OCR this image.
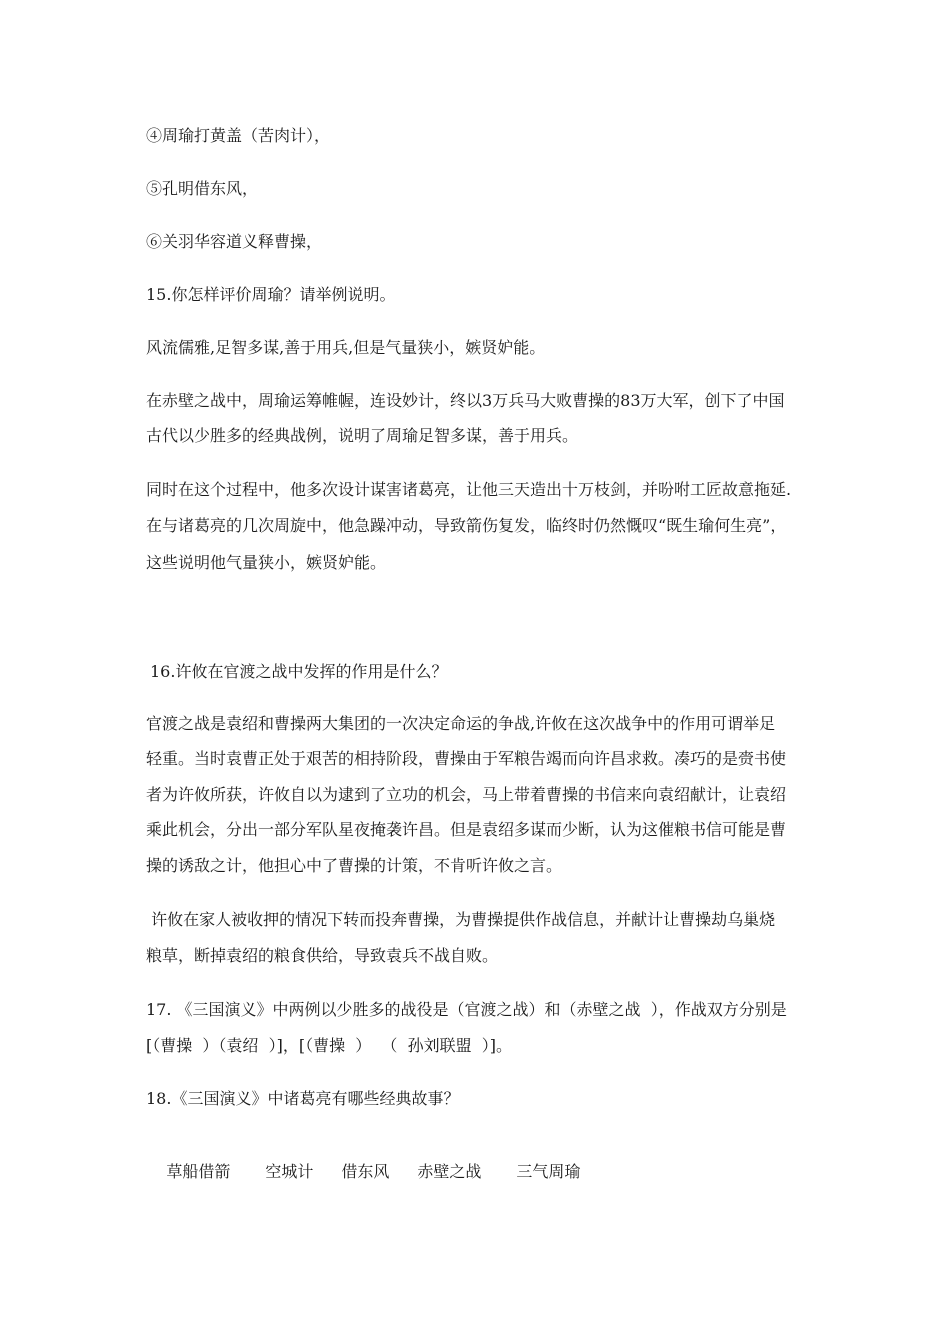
④周瑜打黄盖（苦肉计），
⑤孔明借东风，
⑥关羽华容道义释曹操，
15.你怎样评价周瑜？请举例说明。
风流儒雅,足智多谋,善于用兵,但是气量狭小，嫉贤妒能。
在赤壁之战中，周瑜运筹帷幄，连设妙计，终以3万兵马大败曹操的83万大军，创下了中国
古代以少胜多的经典战例，说明了周瑜足智多谋，善于用兵。
同时在这个过程中，他多次设计谋害诸葛亮，让他三天造出十万枝剑，并吩咐工匠故意拖延.
在与诸葛亮的几次周旋中，他急躁冲动，导致箭伤复发，临终时仍然慨叹“既生瑜何生亮”，
这些说明他气量狭小，嫉贤妒能。
16.许攸在官渡之战中发挥的作用是什么？
官渡之战是袁绍和曹操两大集团的一次决定命运的争战,许攸在这次战争中的作用可谓举足
轻重。当时袁曹正处于艰苦的相持阶段，曹操由于军粮告竭而向许昌求救。凑巧的是赍书使
者为许攸所获，许攸自以为逮到了立功的机会，马上带着曹操的书信来向袁绍献计，让袁绍
乘此机会，分出一部分军队星夜掩袭许昌。但是袁绍多谋而少断，认为这催粮书信可能是曹
操的诱敌之计，他担心中了曹操的计策，不肯听许攸之言。
许攸在家人被收押的情况下转而投奔曹操，为曹操提供作战信息，并献计让曹操劫乌巢烧
粮草，断掉袁绍的粮食供给，导致袁兵不战自败。
17. 《三国演义》中两例以少胜多的战役是（官渡之战）和（赤壁之战  ），作战双方分别是
[（曹操  ）（袁绍  ）]，[（曹操  ）  （  孙刘联盟  ）]。
18.《三国演义》中诸葛亮有哪些经典故事？

草船借箭 空城计 借东风 赤壁之战 三气周瑜
